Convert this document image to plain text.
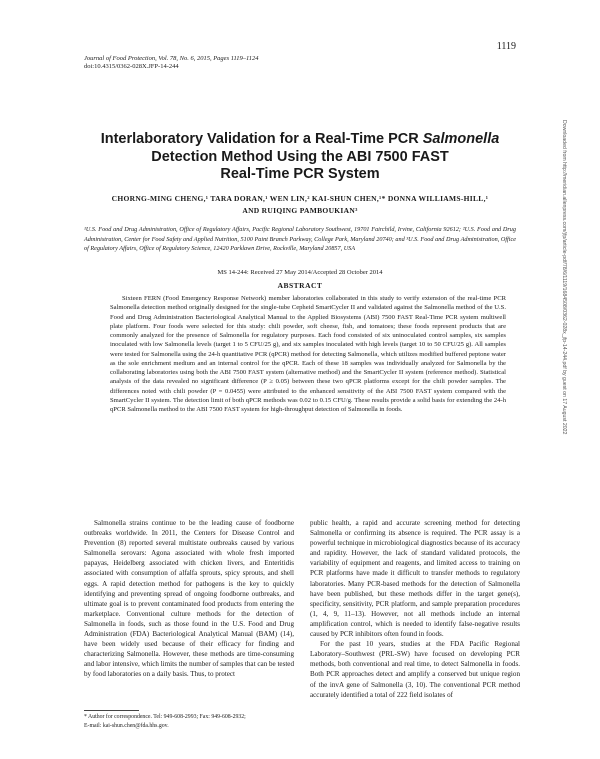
1119
Journal of Food Protection, Vol. 78, No. 6, 2015, Pages 1119–1124
doi:10.4315/0362-028X.JFP-14-244
Interlaboratory Validation for a Real-Time PCR Salmonella
Detection Method Using the ABI 7500 FAST
Real-Time PCR System
CHORNG-MING CHENG,¹ TARA DORAN,¹ WEN LIN,² KAI-SHUN CHEN,¹* DONNA WILLIAMS-HILL,¹
AND RUIQING PAMBOUKIAN³
¹U.S. Food and Drug Administration, Office of Regulatory Affairs, Pacific Regional Laboratory Southwest, 19701 Fairchild, Irvine, California 92612; ²U.S. Food and Drug Administration, Center for Food Safety and Applied Nutrition, 5100 Paint Branch Parkway, College Park, Maryland 20740; and ³U.S. Food and Drug Administration, Office of Regulatory Affairs, Office of Regulatory Science, 12420 Parklawn Drive, Rockville, Maryland 20857, USA
MS 14-244: Received 27 May 2014/Accepted 28 October 2014
ABSTRACT
Sixteen FERN (Food Emergency Response Network) member laboratories collaborated in this study to verify extension of the real-time PCR Salmonella detection method originally designed for the single-tube Cepheid SmartCycler II and validated against the Salmonella method of the U.S. Food and Drug Administration Bacteriological Analytical Manual to the Applied Biosystems (ABI) 7500 FAST Real-Time PCR system multiwell plate platform. Four foods were selected for this study: chili powder, soft cheese, fish, and tomatoes; these foods represent products that are commonly analyzed for the presence of Salmonella for regulatory purposes. Each food consisted of six uninoculated control samples, six samples inoculated with low Salmonella levels (target 1 to 5 CFU/25 g), and six samples inoculated with high levels (target 10 to 50 CFU/25 g). All samples were tested for Salmonella using the 24-h quantitative PCR (qPCR) method for detecting Salmonella, which utilizes modified buffered peptone water as the sole enrichment medium and an internal control for the qPCR. Each of these 18 samples was individually analyzed for Salmonella by the collaborating laboratories using both the ABI 7500 FAST system (alternative method) and the SmartCycler II system (reference method). Statistical analysis of the data revealed no significant difference (P ≥ 0.05) between these two qPCR platforms except for the chili powder samples. The differences noted with chili powder (P = 0.0455) were attributed to the enhanced sensitivity of the ABI 7500 FAST system compared with the SmartCycler II system. The detection limit of both qPCR methods was 0.02 to 0.15 CFU/g. These results provide a solid basis for extending the 24-h qPCR Salmonella method to the ABI 7500 FAST system for high-throughput detection of Salmonella in foods.

Salmonella strains continue to be the leading cause of foodborne outbreaks worldwide. In 2011, the Centers for Disease Control and Prevention (8) reported several multistate outbreaks caused by various Salmonella serovars: Agona associated with whole fresh imported papayas, Heidelberg associated with chicken livers, and Enteritidis associated with consumption of alfalfa sprouts, spicy sprouts, and shell eggs. A rapid detection method for pathogens is the key to quickly identifying and preventing spread of ongoing foodborne outbreaks, and ultimate goal is to prevent contaminated food products from entering the marketplace. Conventional culture methods for the detection of Salmonella in foods, such as those found in the U.S. Food and Drug Administration (FDA) Bacteriological Analytical Manual (BAM) (14), have been widely used because of their efficacy for finding and characterizing Salmonella. However, these methods are time-consuming and labor intensive, which limits the number of samples that can be tested by food laboratories on a daily basis. Thus, to protect

public health, a rapid and accurate screening method for detecting Salmonella or confirming its absence is required. The PCR assay is a powerful technique in microbiological diagnostics because of its accuracy and rapidity. However, the lack of standard validated protocols, the variability of equipment and reagents, and limited access to training on PCR platforms have made it difficult to transfer methods to regulatory laboratories. Many PCR-based methods for the detection of Salmonella have been published, but these methods differ in the target gene(s), specificity, sensitivity, PCR platform, and sample preparation procedures (1, 4, 9, 11–13). However, not all methods include an internal amplification control, which is needed to identify false-negative results caused by PCR inhibitors often found in foods.

For the past 10 years, studies at the FDA Pacific Regional Laboratory–Southwest (PRL-SW) have focused on developing PCR methods, both conventional and real time, to detect Salmonella in foods. Both PCR approaches detect and amplify a conserved but unique region of the invA gene of Salmonella (3, 10). The conventional PCR method accurately identified a total of 222 field isolates of

* Author for correspondence. Tel: 949-608-2993; Fax: 949-608-2932;
E-mail: kai-shun.chen@fda.hhs.gov.
Downloaded from http://meridian.allenpress.com/jfp/article-pdf/78/6/1119/1684508/0362-028x_jfp-14-244.pdf by guest on 17 August 2022
